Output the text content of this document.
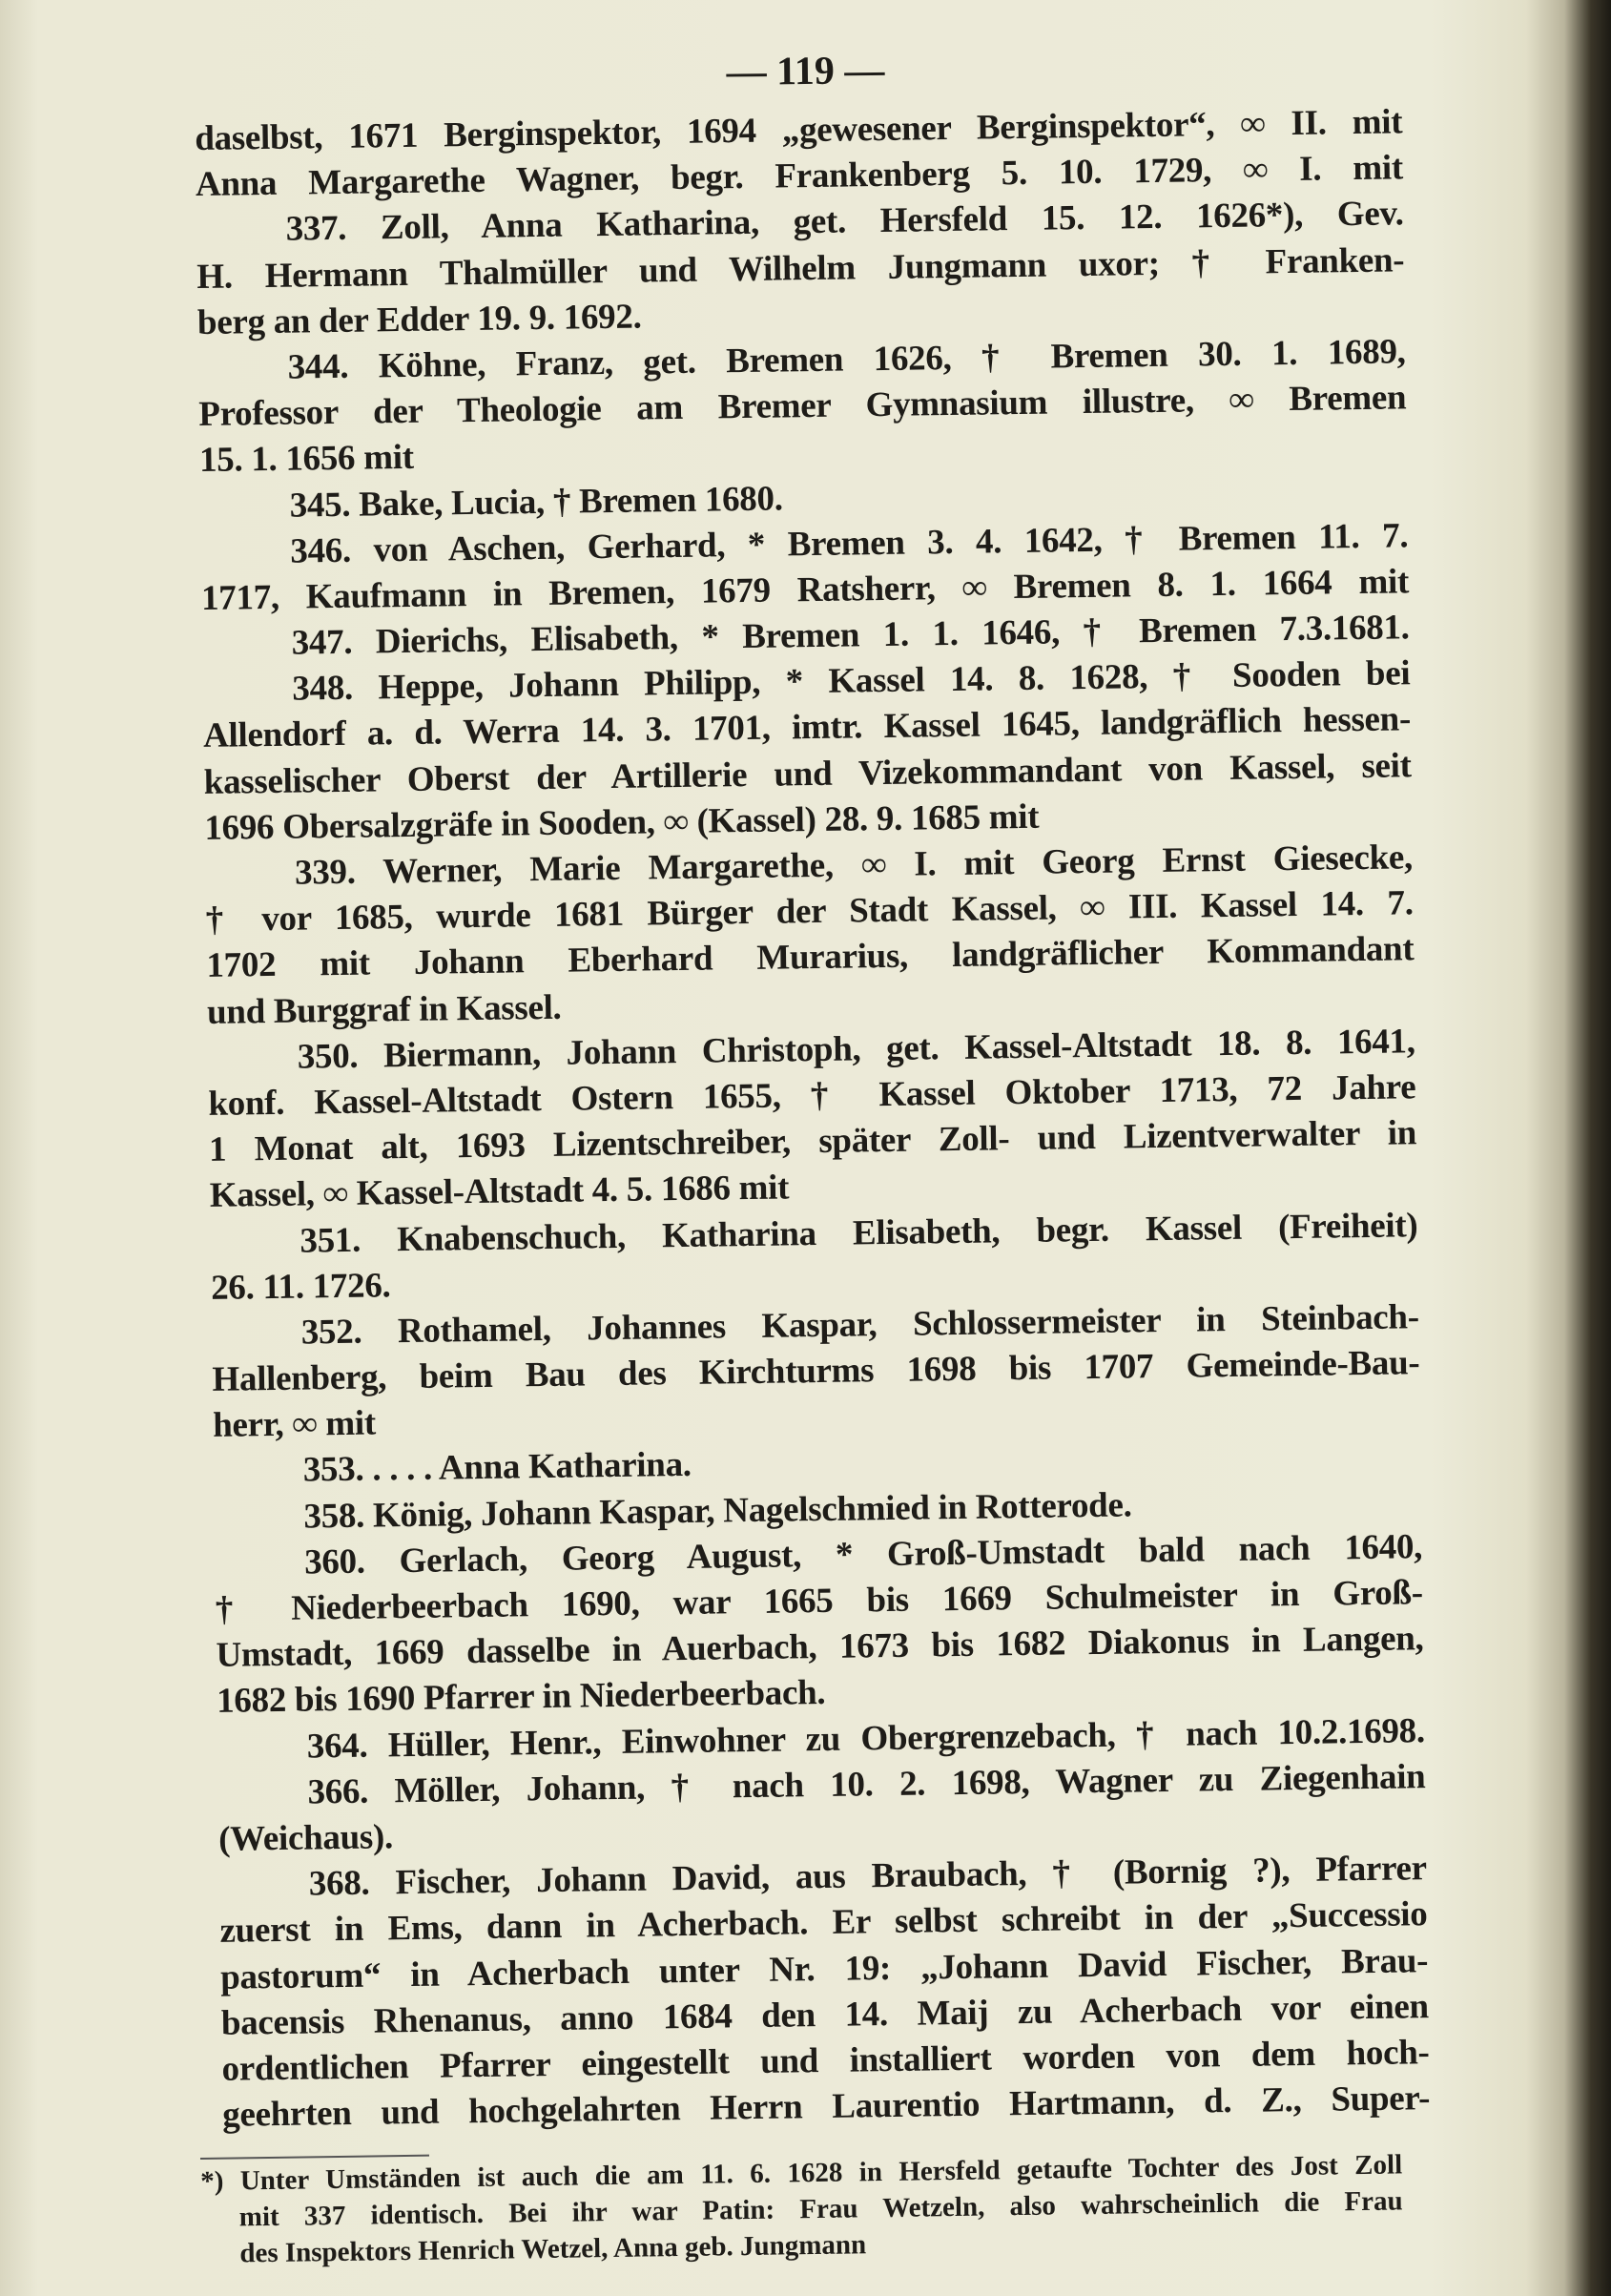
— 119 —
daselbst, 1671 Berginspektor, 1694 „gewesener Berginspektor“, ∞ II. mit
Anna Margarethe Wagner, begr. Frankenberg 5. 10. 1729, ∞ I. mit
337. Zoll, Anna Katharina, get. Hersfeld 15. 12. 1626*), Gev.
H. Hermann Thalmüller und Wilhelm Jungmann uxor; † Franken-
berg an der Edder 19. 9. 1692.
344. Köhne, Franz, get. Bremen 1626, † Bremen 30. 1. 1689,
Professor der Theologie am Bremer Gymnasium illustre, ∞ Bremen
15. 1. 1656 mit
345. Bake, Lucia, † Bremen 1680.
346. von Aschen, Gerhard, * Bremen 3. 4. 1642, † Bremen 11. 7.
1717, Kaufmann in Bremen, 1679 Ratsherr, ∞ Bremen 8. 1. 1664 mit
347. Dierichs, Elisabeth, * Bremen 1. 1. 1646, † Bremen 7.3.1681.
348. Heppe, Johann Philipp, * Kassel 14. 8. 1628, † Sooden bei
Allendorf a. d. Werra 14. 3. 1701, imtr. Kassel 1645, landgräflich hessen-
kasselischer Oberst der Artillerie und Vizekommandant von Kassel, seit
1696 Obersalzgräfe in Sooden, ∞ (Kassel) 28. 9. 1685 mit
339. Werner, Marie Margarethe, ∞ I. mit Georg Ernst Giesecke,
† vor 1685, wurde 1681 Bürger der Stadt Kassel, ∞ III. Kassel 14. 7.
1702 mit Johann Eberhard Murarius, landgräflicher Kommandant
und Burggraf in Kassel.
350. Biermann, Johann Christoph, get. Kassel-Altstadt 18. 8. 1641,
konf. Kassel-Altstadt Ostern 1655, † Kassel Oktober 1713, 72 Jahre
1 Monat alt, 1693 Lizentschreiber, später Zoll- und Lizentverwalter in
Kassel, ∞ Kassel-Altstadt 4. 5. 1686 mit
351. Knabenschuch, Katharina Elisabeth, begr. Kassel (Freiheit)
26. 11. 1726.
352. Rothamel, Johannes Kaspar, Schlossermeister in Steinbach-
Hallenberg, beim Bau des Kirchturms 1698 bis 1707 Gemeinde-Bau-
herr, ∞ mit
353. . . . . Anna Katharina.
358. König, Johann Kaspar, Nagelschmied in Rotterode.
360. Gerlach, Georg August, * Groß-Umstadt bald nach 1640,
† Niederbeerbach 1690, war 1665 bis 1669 Schulmeister in Groß-
Umstadt, 1669 dasselbe in Auerbach, 1673 bis 1682 Diakonus in Langen,
1682 bis 1690 Pfarrer in Niederbeerbach.
364. Hüller, Henr., Einwohner zu Obergrenzebach, † nach 10.2.1698.
366. Möller, Johann, † nach 10. 2. 1698, Wagner zu Ziegenhain
(Weichaus).
368. Fischer, Johann David, aus Braubach, † (Bornig ?), Pfarrer
zuerst in Ems, dann in Acherbach. Er selbst schreibt in der „Successio
pastorum“ in Acherbach unter Nr. 19: „Johann David Fischer, Brau-
bacensis Rhenanus, anno 1684 den 14. Maij zu Acherbach vor einen
ordentlichen Pfarrer eingestellt und installiert worden von dem hoch-
geehrten und hochgelahrten Herrn Laurentio Hartmann, d. Z., Super-
*) Unter Umständen ist auch die am 11. 6. 1628 in Hersfeld getaufte Tochter des Jost Zoll
mit 337 identisch. Bei ihr war Patin: Frau Wetzeln, also wahrscheinlich die Frau
des Inspektors Henrich Wetzel, Anna geb. Jungmann
